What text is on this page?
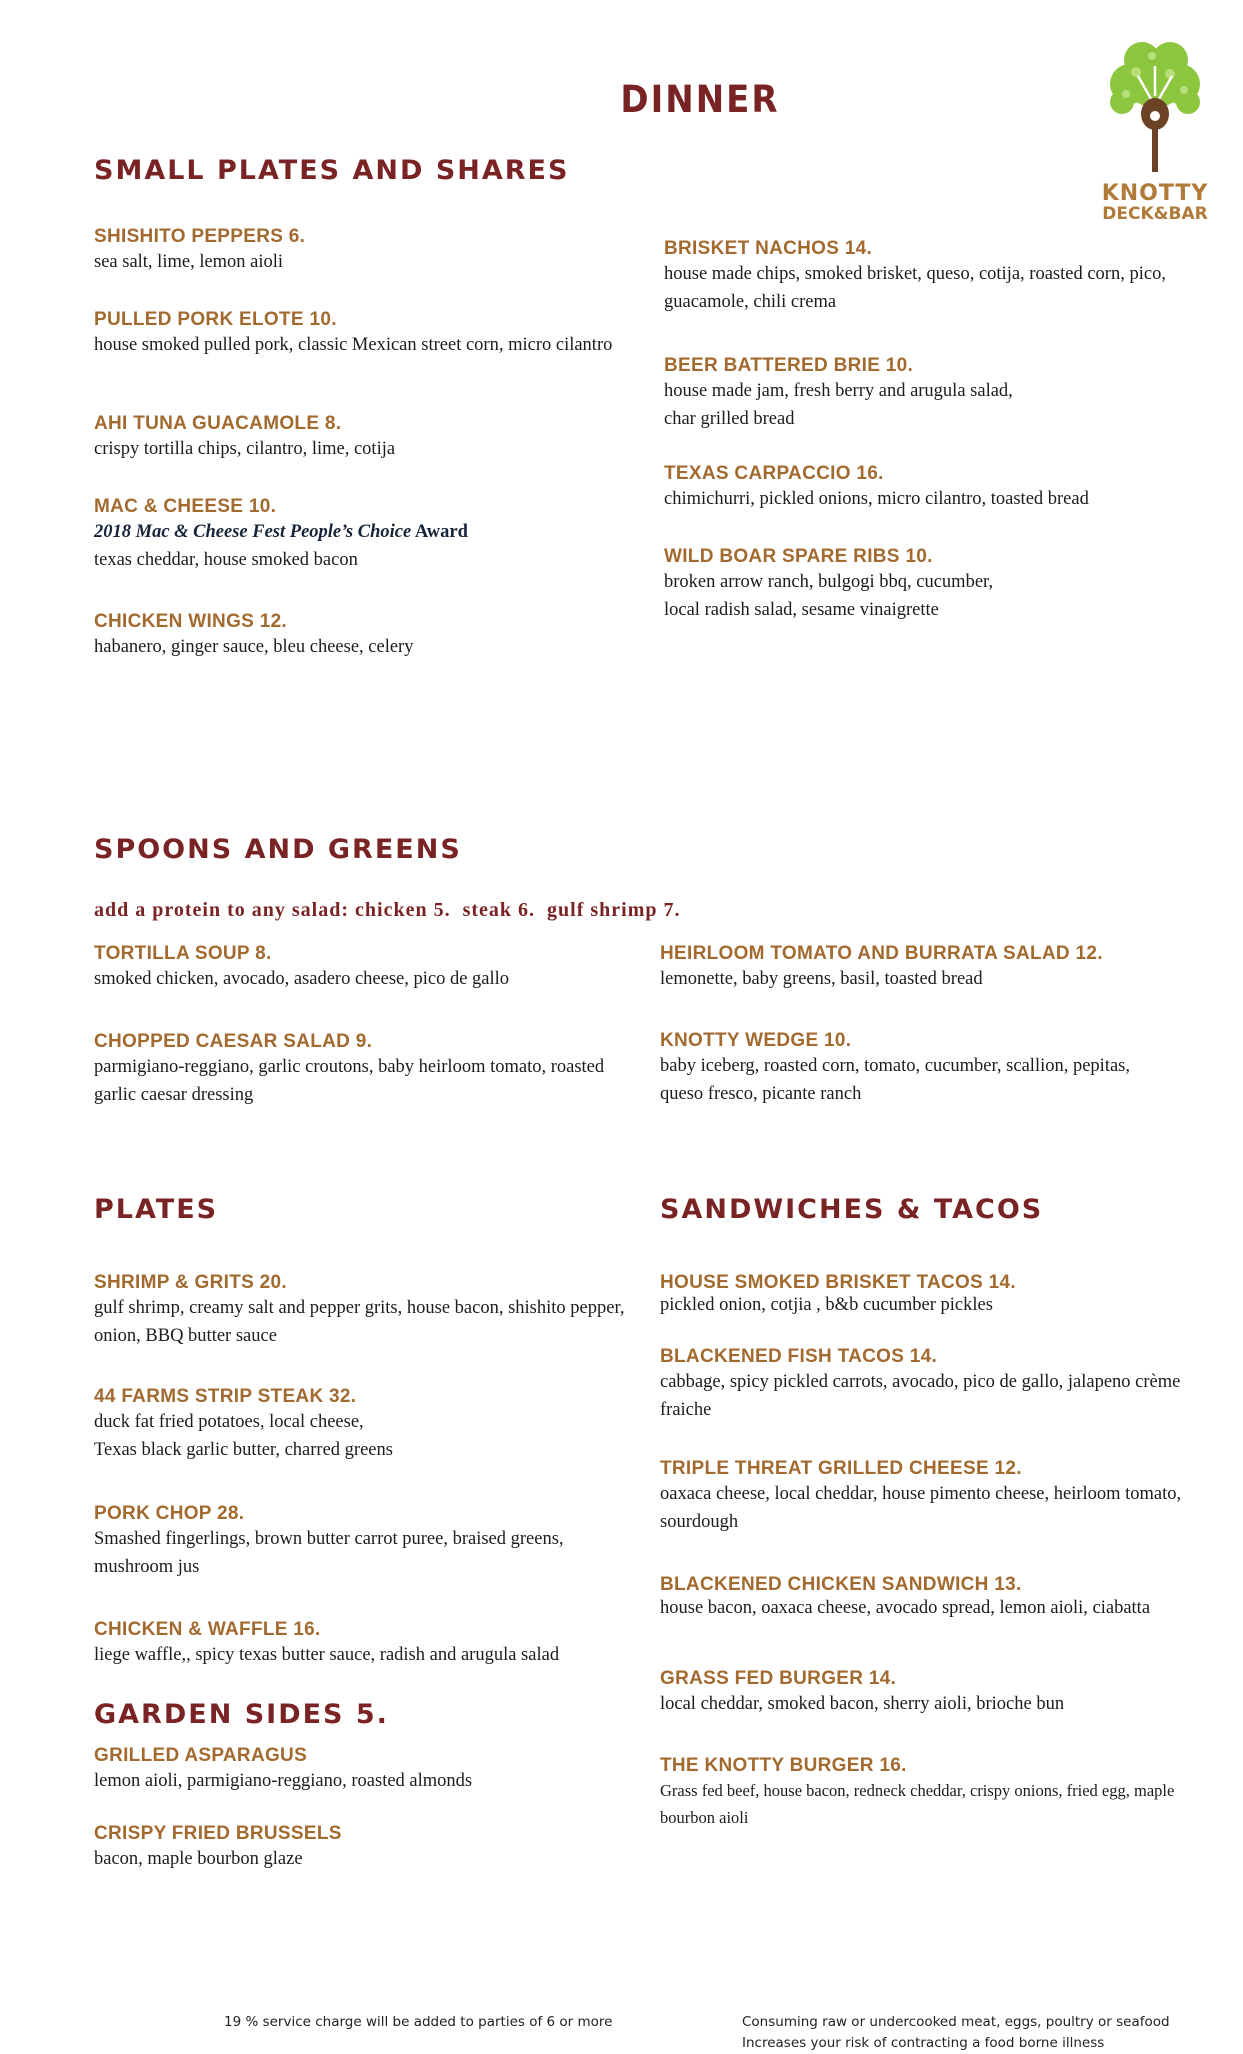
DINNER
KNOTTY
DECK&BAR
SMALL PLATES AND SHARES
SHISHITO PEPPERS 6.
sea salt, lime, lemon aioli
PULLED PORK ELOTE 10.
house smoked pulled pork, classic Mexican street corn, micro cilantro
AHI TUNA GUACAMOLE 8.
crispy tortilla chips, cilantro, lime, cotija
MAC & CHEESE 10.
2018 Mac & Cheese Fest People’s Choice Award
texas cheddar, house smoked bacon
CHICKEN WINGS 12.
habanero, ginger sauce, bleu cheese, celery
BRISKET NACHOS 14.
house made chips, smoked brisket, queso, cotija, roasted corn, pico, guacamole, chili crema
BEER BATTERED BRIE 10.
house made jam, fresh berry and arugula salad,
char grilled bread
TEXAS CARPACCIO 16.
chimichurri, pickled onions, micro cilantro, toasted bread
WILD BOAR SPARE RIBS 10.
broken arrow ranch, bulgogi bbq, cucumber,
local radish salad, sesame vinaigrette
SPOONS AND GREENS
add a protein to any salad: chicken 5.  steak 6.  gulf shrimp 7.
TORTILLA SOUP 8.
smoked chicken, avocado, asadero cheese, pico de gallo
CHOPPED CAESAR SALAD 9.
parmigiano-reggiano, garlic croutons, baby heirloom tomato, roasted garlic caesar dressing
HEIRLOOM TOMATO AND BURRATA SALAD 12.
lemonette, baby greens, basil, toasted bread
KNOTTY WEDGE 10.
baby iceberg, roasted corn, tomato, cucumber, scallion, pepitas, queso fresco, picante ranch
PLATES
SHRIMP & GRITS 20.
gulf shrimp, creamy salt and pepper grits, house bacon, shishito pepper, onion, BBQ butter sauce
44 FARMS STRIP STEAK 32.
duck fat fried potatoes, local cheese,
Texas black garlic butter, charred greens
PORK CHOP 28.
Smashed fingerlings, brown butter carrot puree, braised greens, mushroom jus
CHICKEN & WAFFLE 16.
liege waffle,, spicy texas butter sauce, radish and arugula salad
GARDEN SIDES 5.
GRILLED ASPARAGUS
lemon aioli, parmigiano-reggiano, roasted almonds
CRISPY FRIED BRUSSELS
bacon, maple bourbon glaze
SANDWICHES & TACOS
HOUSE SMOKED BRISKET TACOS 14.
pickled onion, cotjia , b&b cucumber pickles
BLACKENED FISH TACOS 14.
cabbage, spicy pickled carrots, avocado, pico de gallo, jalapeno crème fraiche
TRIPLE THREAT GRILLED CHEESE 12.
oaxaca cheese, local cheddar, house pimento cheese, heirloom tomato, sourdough
BLACKENED CHICKEN SANDWICH 13.
house bacon, oaxaca cheese, avocado spread, lemon aioli, ciabatta
GRASS FED BURGER 14.
local cheddar, smoked bacon, sherry aioli, brioche bun
THE KNOTTY BURGER 16.
Grass fed beef, house bacon, redneck cheddar, crispy onions, fried egg, maple bourbon aioli
19 % service charge will be added to parties of 6 or more	Consuming raw or undercooked meat, eggs, poultry or seafood
Increases your risk of contracting a food borne illness
